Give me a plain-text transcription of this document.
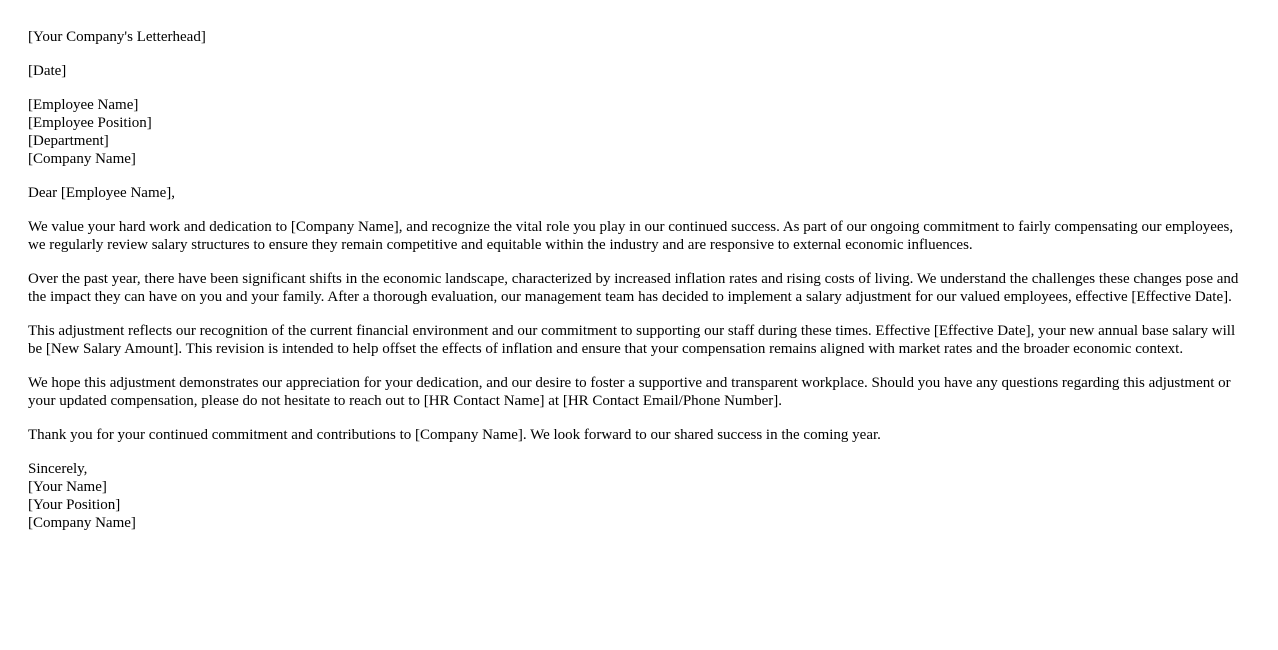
[Your Company's Letterhead]

[Date]

[Employee Name]
[Employee Position]
[Department]
[Company Name]

Dear [Employee Name],

We value your hard work and dedication to [Company Name], and recognize the vital role you play in our continued success. As part of our ongoing commitment to fairly compensating our employees, we regularly review salary structures to ensure they remain competitive and equitable within the industry and are responsive to external economic influences.

Over the past year, there have been significant shifts in the economic landscape, characterized by increased inflation rates and rising costs of living. We understand the challenges these changes pose and the impact they can have on you and your family. After a thorough evaluation, our management team has decided to implement a salary adjustment for our valued employees, effective [Effective Date].

This adjustment reflects our recognition of the current financial environment and our commitment to supporting our staff during these times. Effective [Effective Date], your new annual base salary will be [New Salary Amount]. This revision is intended to help offset the effects of inflation and ensure that your compensation remains aligned with market rates and the broader economic context.

We hope this adjustment demonstrates our appreciation for your dedication, and our desire to foster a supportive and transparent workplace. Should you have any questions regarding this adjustment or your updated compensation, please do not hesitate to reach out to [HR Contact Name] at [HR Contact Email/Phone Number].

Thank you for your continued commitment and contributions to [Company Name]. We look forward to our shared success in the coming year.

Sincerely,
[Your Name]
[Your Position]
[Company Name]
